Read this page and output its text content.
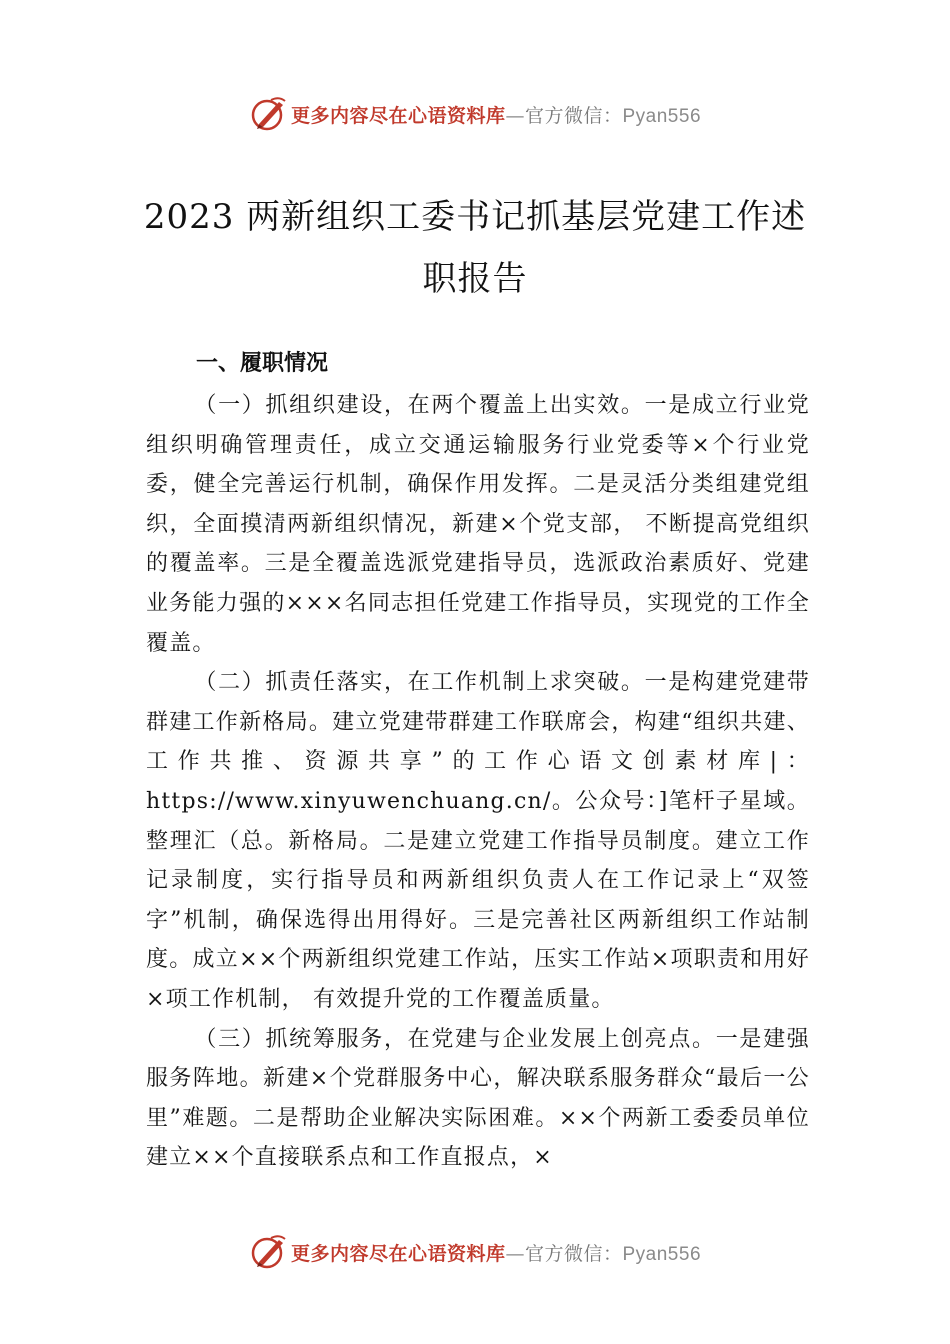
更多内容尽在心语资料库—官方微信：Pyan556
2023 两新组织工委书记抓基层党建工作述
职报告
一、履职情况

（一）抓组织建设，在两个覆盖上出实效。一是成立行业党组织明确管理责任，成立交通运输服务行业党委等×个行业党委，健全完善运行机制，确保作用发挥。二是灵活分类组建党组织，全面摸清两新组织情况，新建×个党支部， 不断提高党组织的覆盖率。三是全覆盖选派党建指导员，选派政治素质好、党建业务能力强的×××名同志担任党建工作指导员，实现党的工作全覆盖。

（二）抓责任落实，在工作机制上求突破。一是构建党建带群建工作新格局。建立党建带群建工作联席会，构建“组织共建、工作共推、资源共享”的工作心语文创素材库|：https://www.xinyuwenchuang.cn/。公众号：]笔杆子星域。整理汇（总。新格局。二是建立党建工作指导员制度。建立工作记录制度，实行指导员和两新组织负责人在工作记录上“双签字”机制，确保选得出用得好。三是完善社区两新组织工作站制度。成立××个两新组织党建工作站，压实工作站×项职责和用好×项工作机制， 有效提升党的工作覆盖质量。

（三）抓统筹服务，在党建与企业发展上创亮点。一是建强服务阵地。新建×个党群服务中心，解决联系服务群众“最后一公里”难题。二是帮助企业解决实际困难。××个两新工委委员单位建立××个直接联系点和工作直报点，×

更多内容尽在心语资料库—官方微信：Pyan556
